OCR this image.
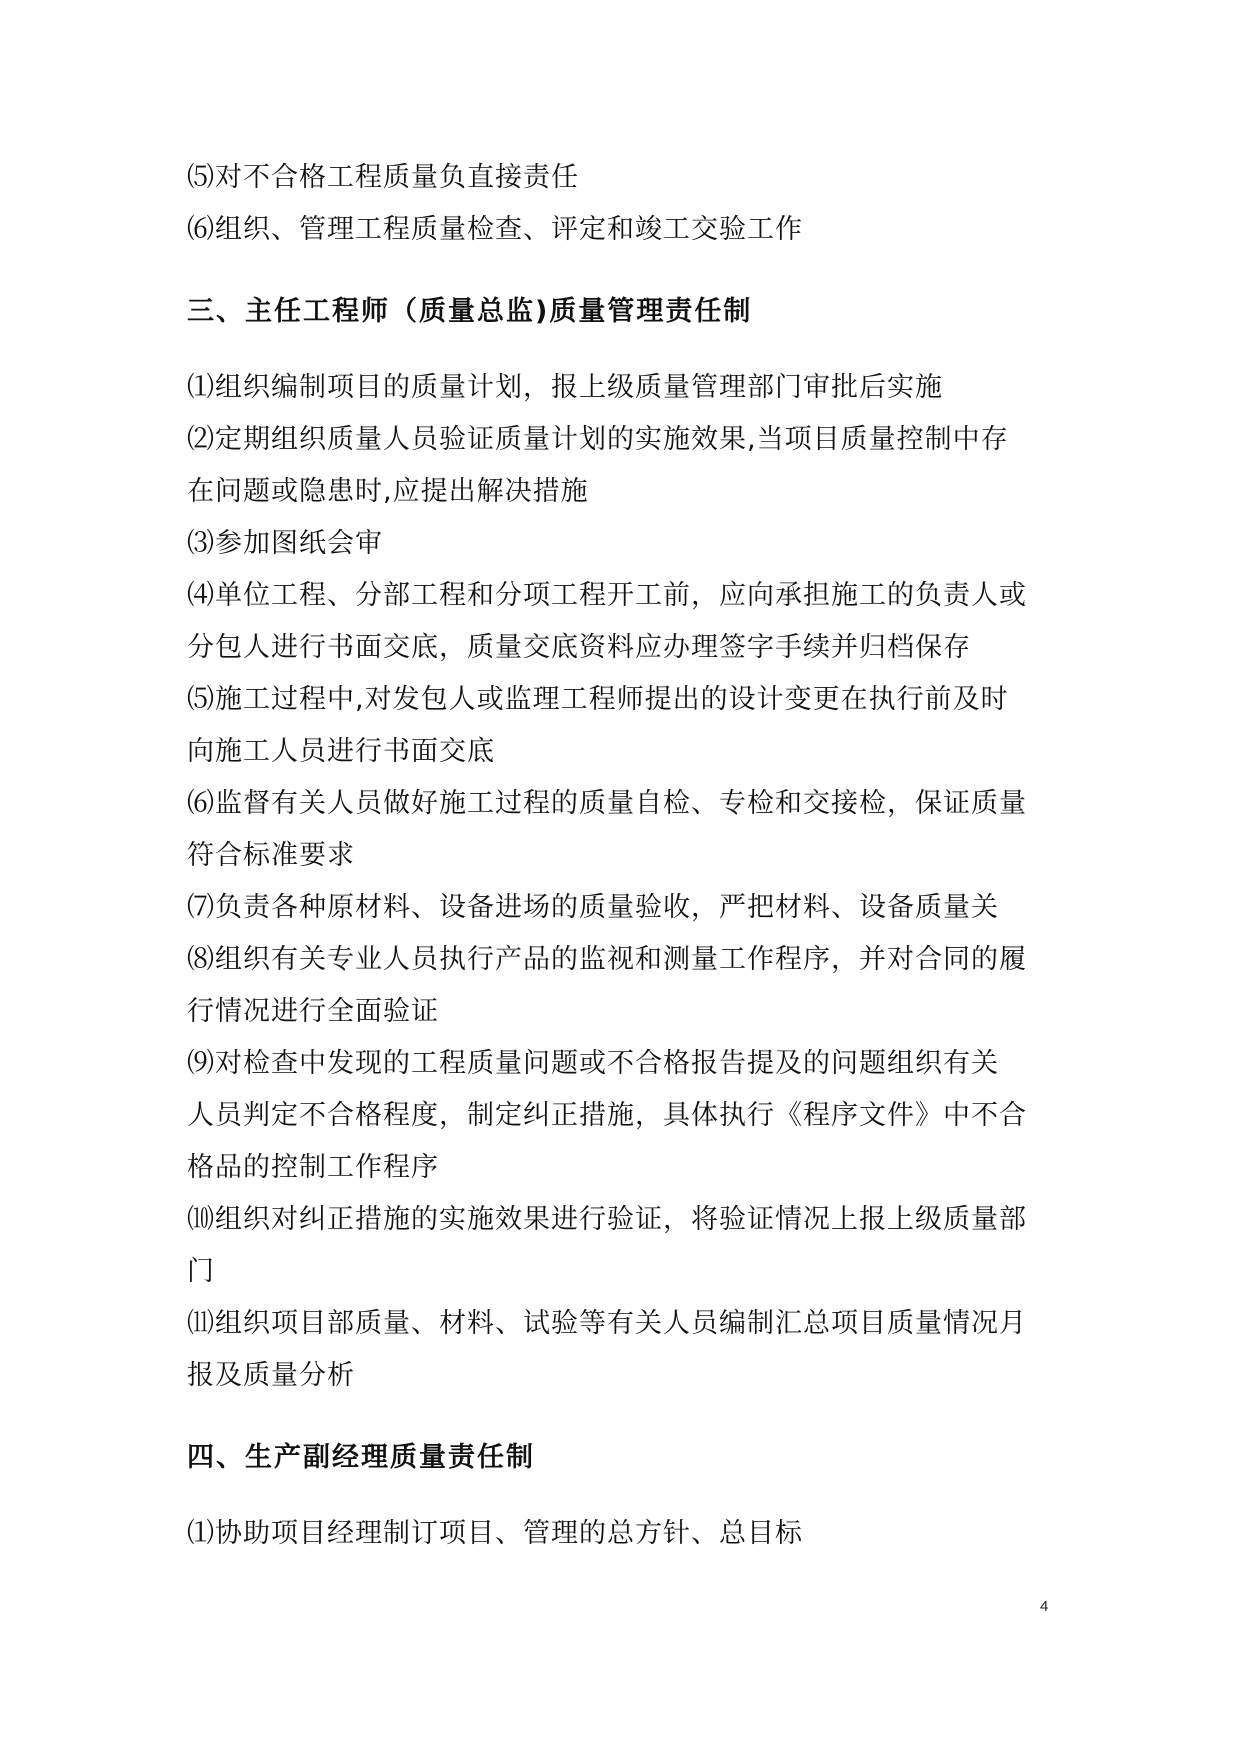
⑸对不合格工程质量负直接责任

⑹组织、管理工程质量检查、评定和竣工交验工作

三、主任工程师（质量总监)质量管理责任制

⑴组织编制项目的质量计划，报上级质量管理部门审批后实施

⑵定期组织质量人员验证质量计划的实施效果,当项目质量控制中存

在问题或隐患时,应提出解决措施

⑶参加图纸会审

⑷单位工程、分部工程和分项工程开工前，应向承担施工的负责人或

分包人进行书面交底，质量交底资料应办理签字手续并归档保存

⑸施工过程中,对发包人或监理工程师提出的设计变更在执行前及时

向施工人员进行书面交底

⑹监督有关人员做好施工过程的质量自检、专检和交接检，保证质量

符合标准要求

⑺负责各种原材料、设备进场的质量验收，严把材料、设备质量关

⑻组织有关专业人员执行产品的监视和测量工作程序，并对合同的履

行情况进行全面验证

⑼对检查中发现的工程质量问题或不合格报告提及的问题组织有关

人员判定不合格程度，制定纠正措施，具体执行《程序文件》中不合

格品的控制工作程序

⑽组织对纠正措施的实施效果进行验证，将验证情况上报上级质量部

门

⑾组织项目部质量、材料、试验等有关人员编制汇总项目质量情况月

报及质量分析

四、生产副经理质量责任制

⑴协助项目经理制订项目、管理的总方针、总目标

4
